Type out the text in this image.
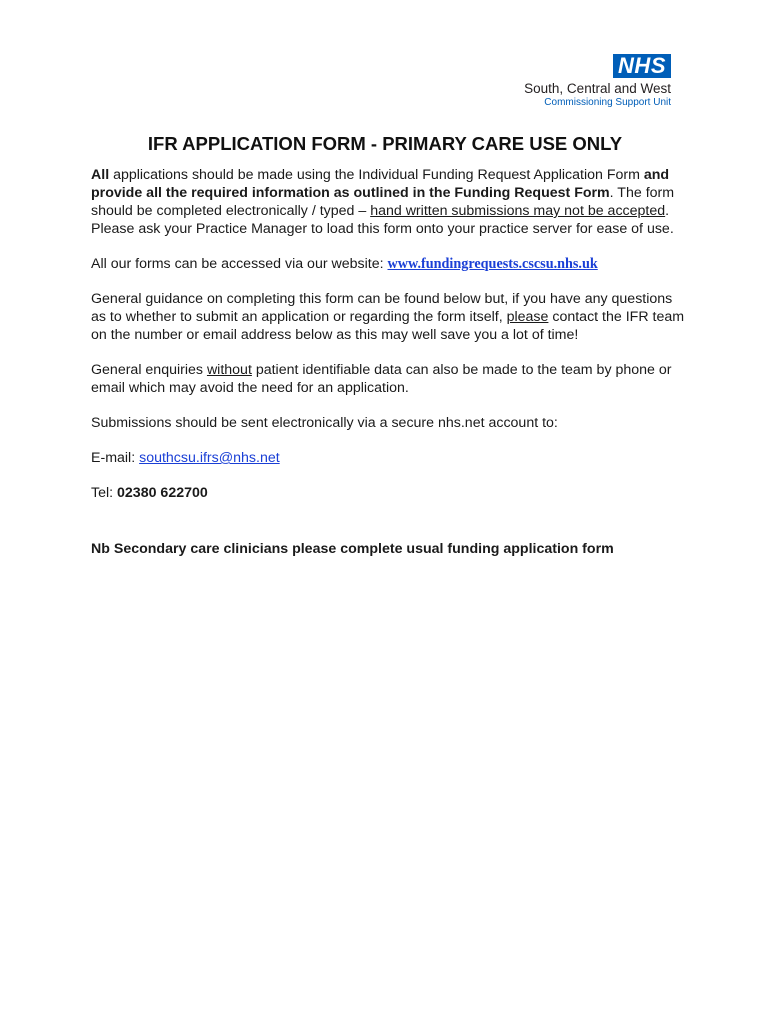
NHS
South, Central and West
Commissioning Support Unit
IFR APPLICATION FORM - PRIMARY CARE USE ONLY

All applications should be made using the Individual Funding Request Application Form and provide all the required information as outlined in the Funding Request Form. The form should be completed electronically / typed – hand written submissions may not be accepted. Please ask your Practice Manager to load this form onto your practice server for ease of use.

All our forms can be accessed via our website: www.fundingrequests.cscsu.nhs.uk

General guidance on completing this form can be found below but, if you have any questions as to whether to submit an application or regarding the form itself, please contact the IFR team on the number or email address below as this may well save you a lot of time!

General enquiries without patient identifiable data can also be made to the team by phone or email which may avoid the need for an application.

Submissions should be sent electronically via a secure nhs.net account to:

E-mail: southcsu.ifrs@nhs.net

Tel: 02380 622700

Nb Secondary care clinicians please complete usual funding application form
